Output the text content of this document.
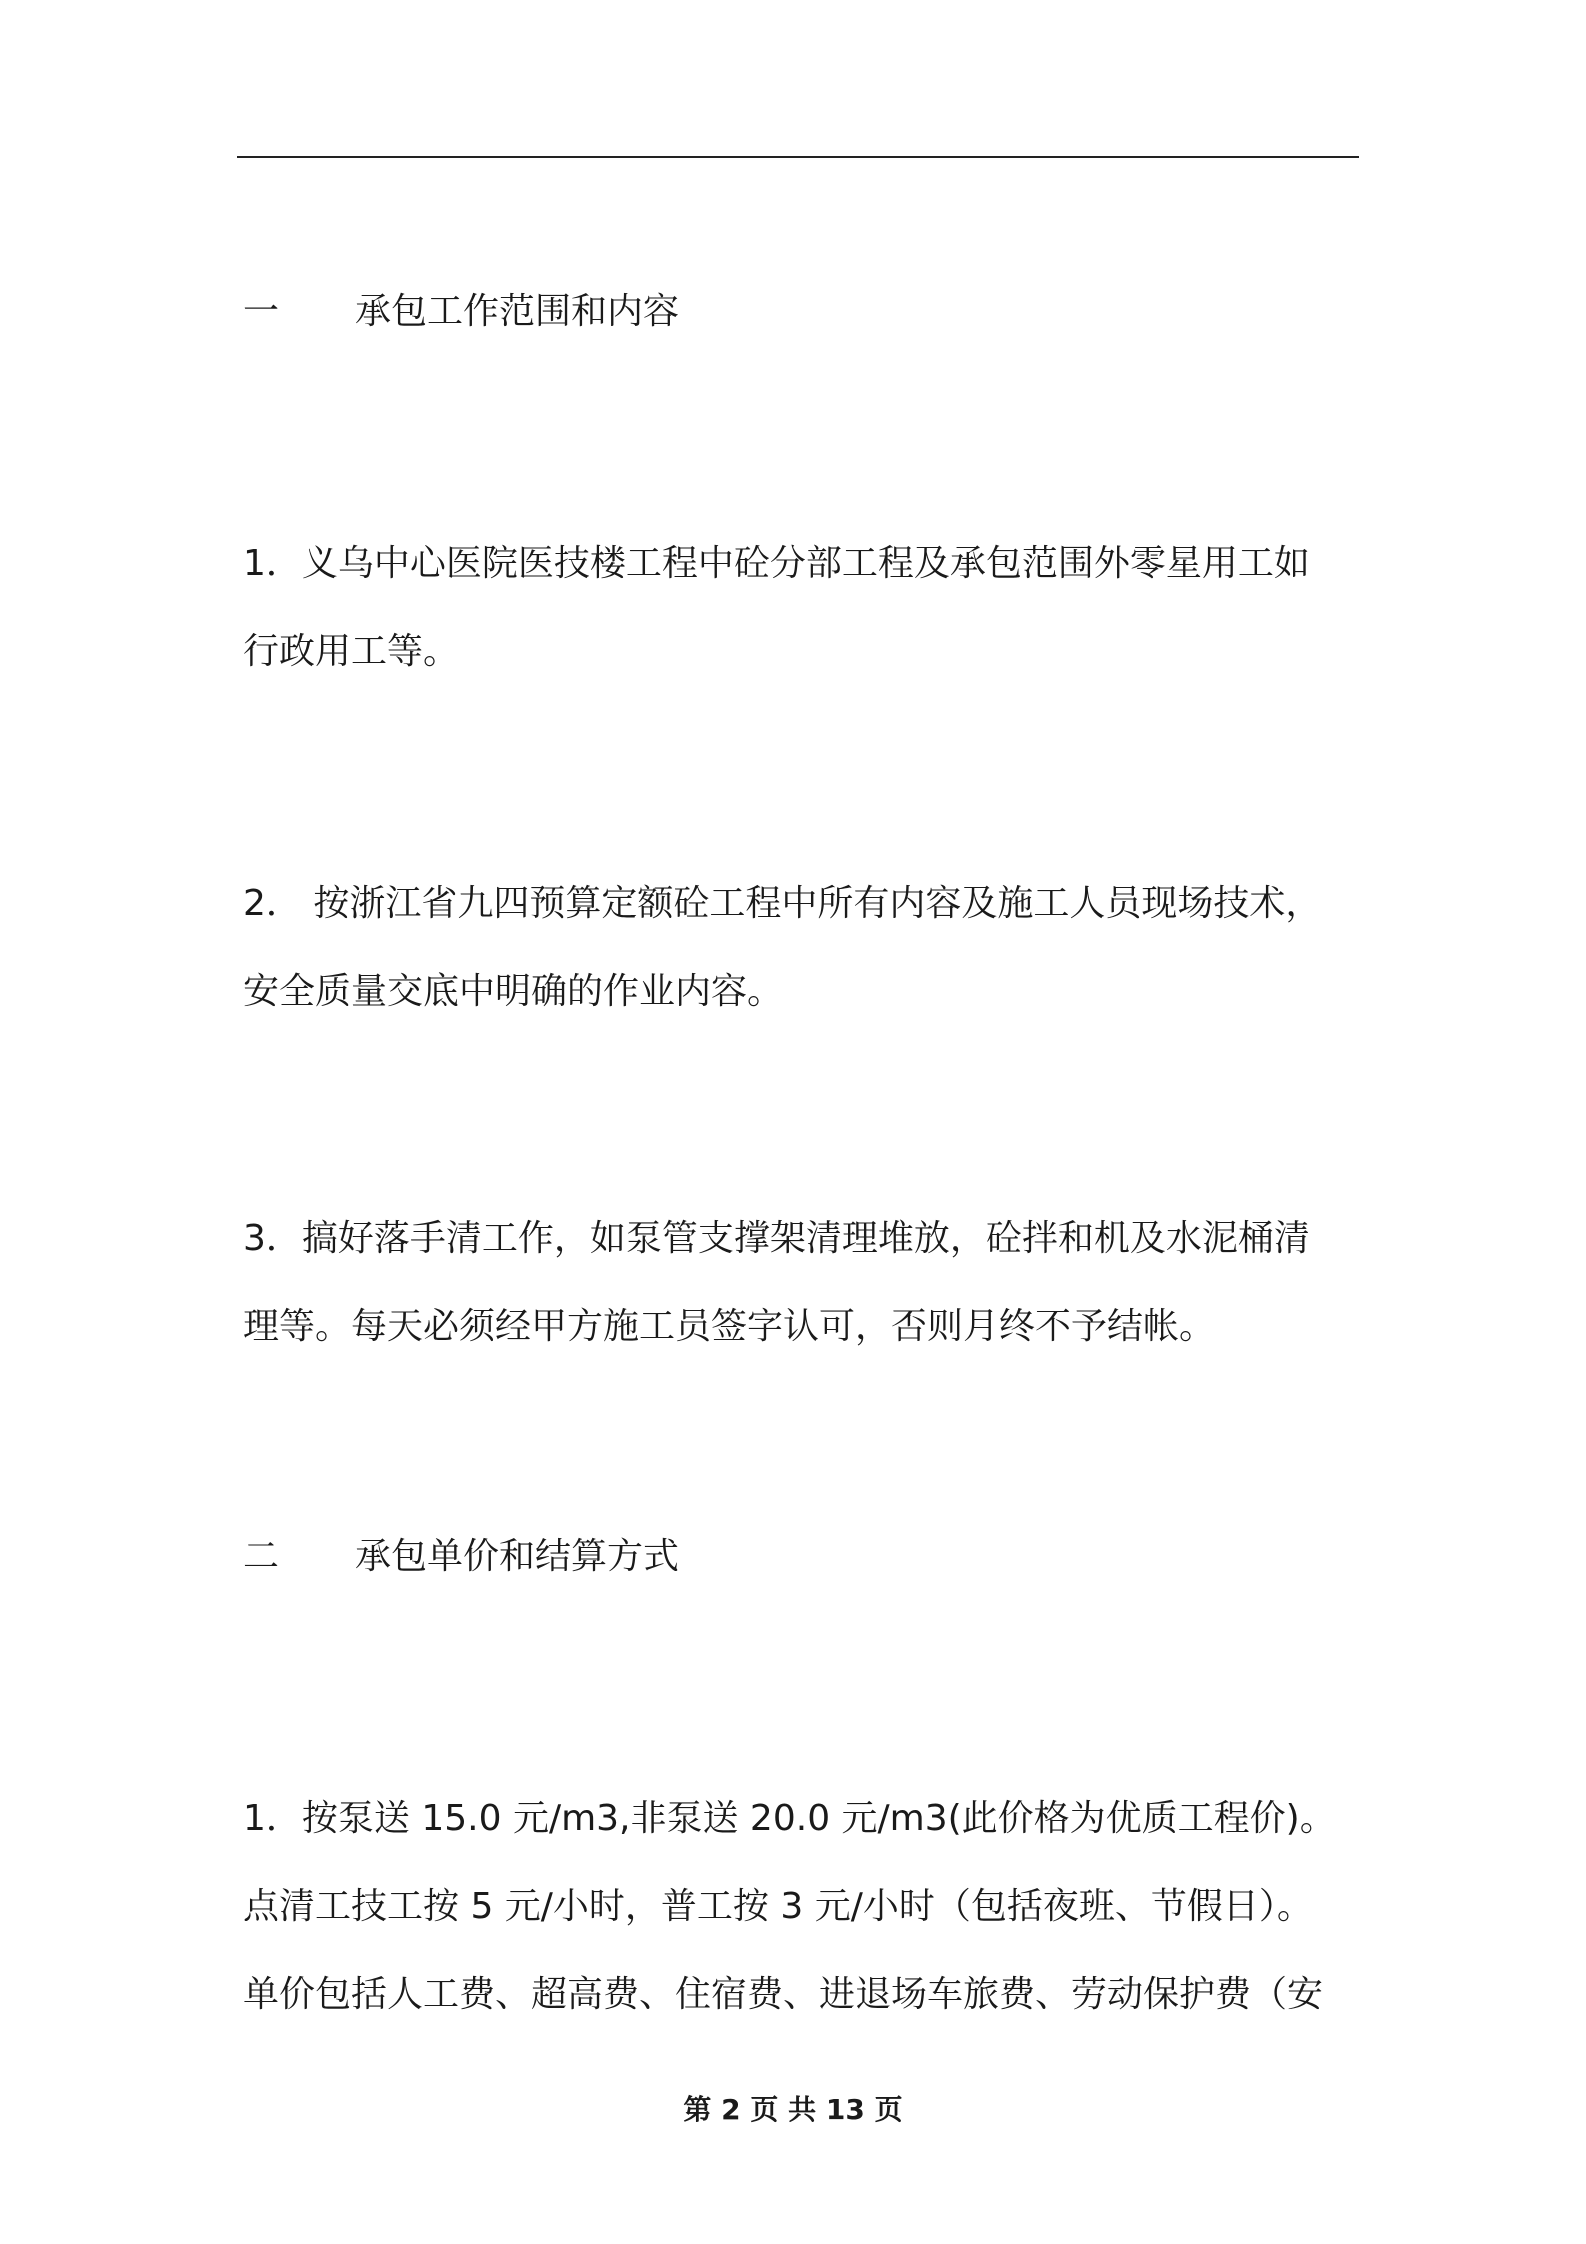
一 承包工作范围和内容
1．义乌中心医院医技楼工程中砼分部工程及承包范围外零星用工如
行政用工等。
2． 按浙江省九四预算定额砼工程中所有内容及施工人员现场技术，
安全质量交底中明确的作业内容。
3．搞好落手清工作，如泵管支撑架清理堆放，砼拌和机及水泥桶清
理等。每天必须经甲方施工员签字认可，否则月终不予结帐。
二 承包单价和结算方式
1．按泵送 15.0 元/m3,非泵送 20.0 元/m3(此价格为优质工程价)。
点清工技工按 5 元/小时，普工按 3 元/小时（包括夜班、节假日）。
单价包括人工费、超高费、住宿费、进退场车旅费、劳动保护费（安
第 2 页 共 13 页
